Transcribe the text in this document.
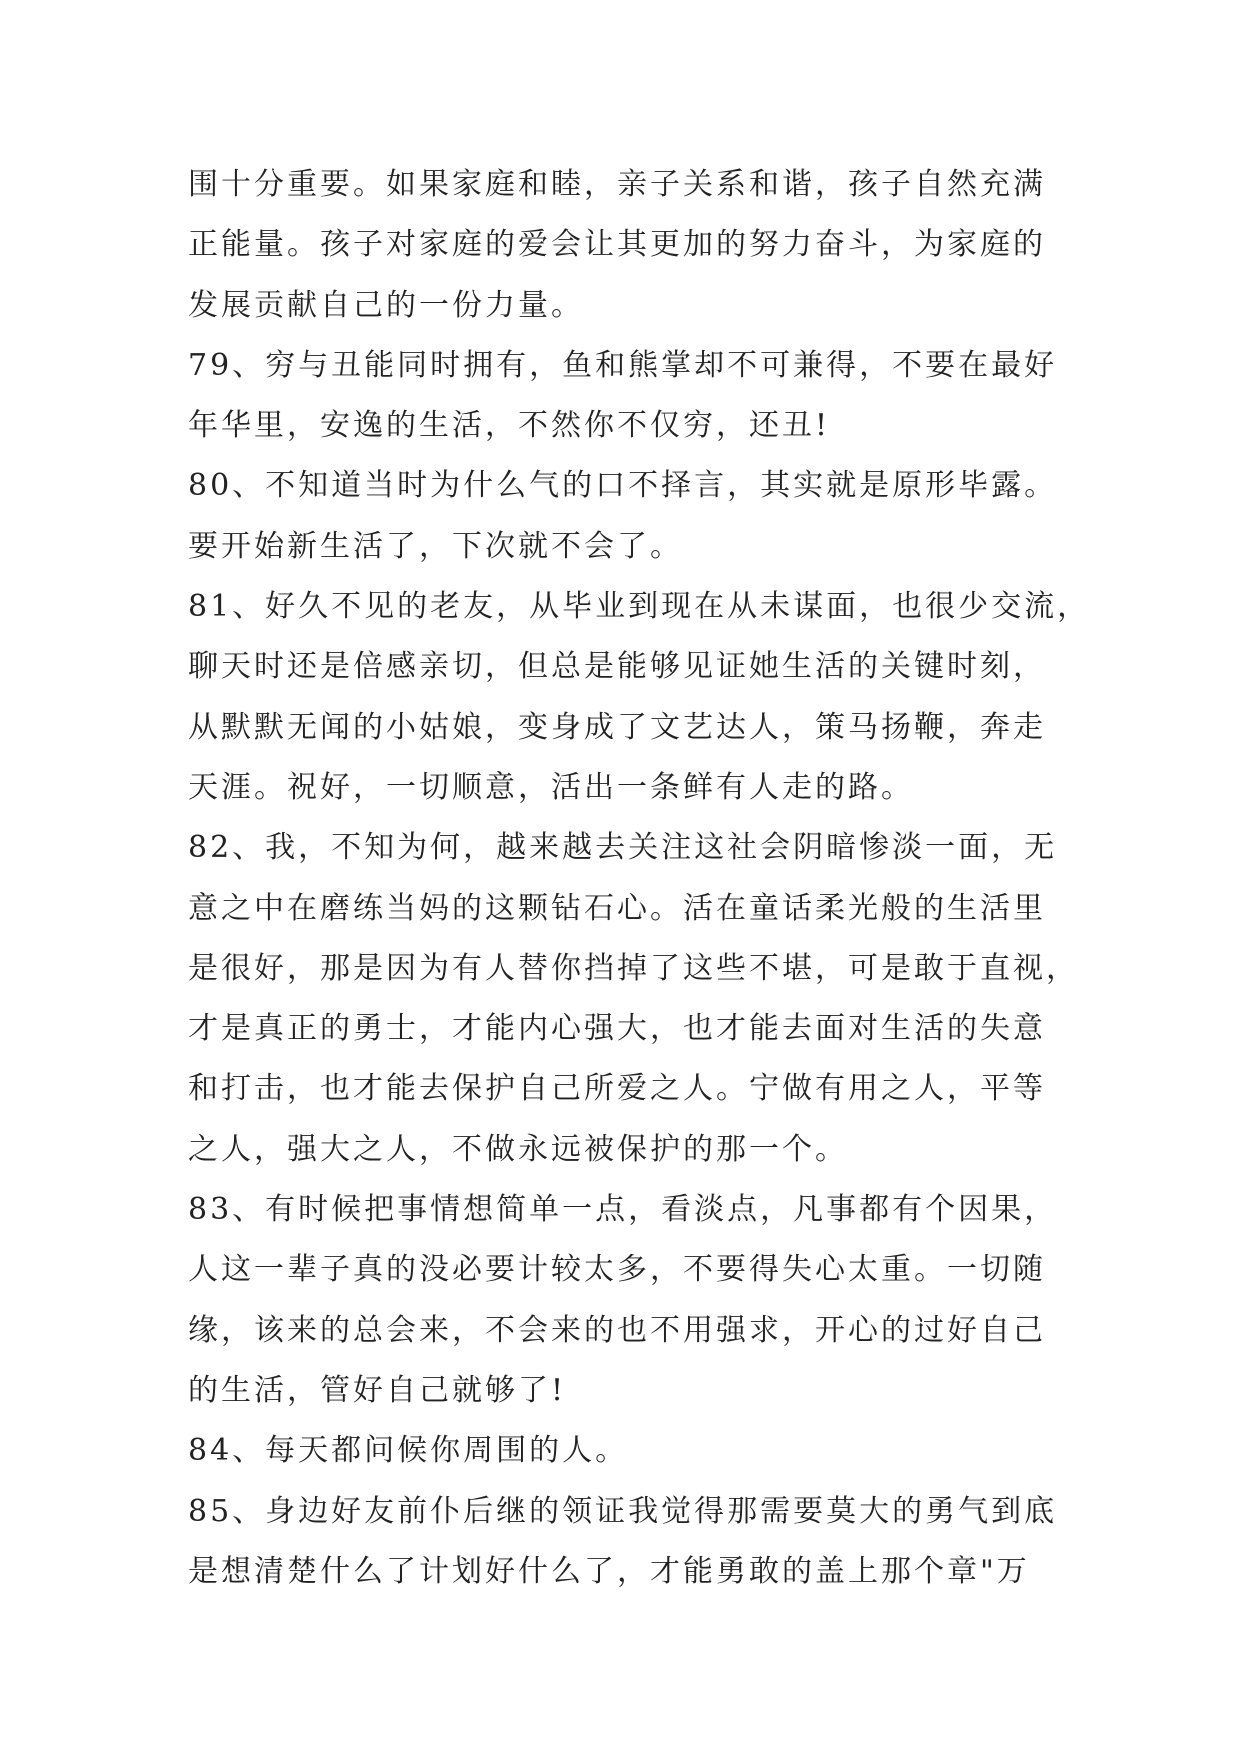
围十分重要。如果家庭和睦，亲子关系和谐，孩子自然充满
正能量。孩子对家庭的爱会让其更加的努力奋斗，为家庭的
发展贡献自己的一份力量。
79、穷与丑能同时拥有，鱼和熊掌却不可兼得，不要在最好
年华里，安逸的生活，不然你不仅穷，还丑!
80、不知道当时为什么气的口不择言，其实就是原形毕露。
要开始新生活了，下次就不会了。
81、好久不见的老友，从毕业到现在从未谋面，也很少交流，
聊天时还是倍感亲切，但总是能够见证她生活的关键时刻，
从默默无闻的小姑娘，变身成了文艺达人，策马扬鞭，奔走
天涯。祝好，一切顺意，活出一条鲜有人走的路。
82、我，不知为何，越来越去关注这社会阴暗惨淡一面，无
意之中在磨练当妈的这颗钻石心。活在童话柔光般的生活里
是很好，那是因为有人替你挡掉了这些不堪，可是敢于直视，
才是真正的勇士，才能内心强大，也才能去面对生活的失意
和打击，也才能去保护自己所爱之人。宁做有用之人，平等
之人，强大之人，不做永远被保护的那一个。
83、有时候把事情想简单一点，看淡点，凡事都有个因果，
人这一辈子真的没必要计较太多，不要得失心太重。一切随
缘，该来的总会来，不会来的也不用强求，开心的过好自己
的生活，管好自己就够了!
84、每天都问候你周围的人。
85、身边好友前仆后继的领证我觉得那需要莫大的勇气到底
是想清楚什么了计划好什么了，才能勇敢的盖上那个章"万
